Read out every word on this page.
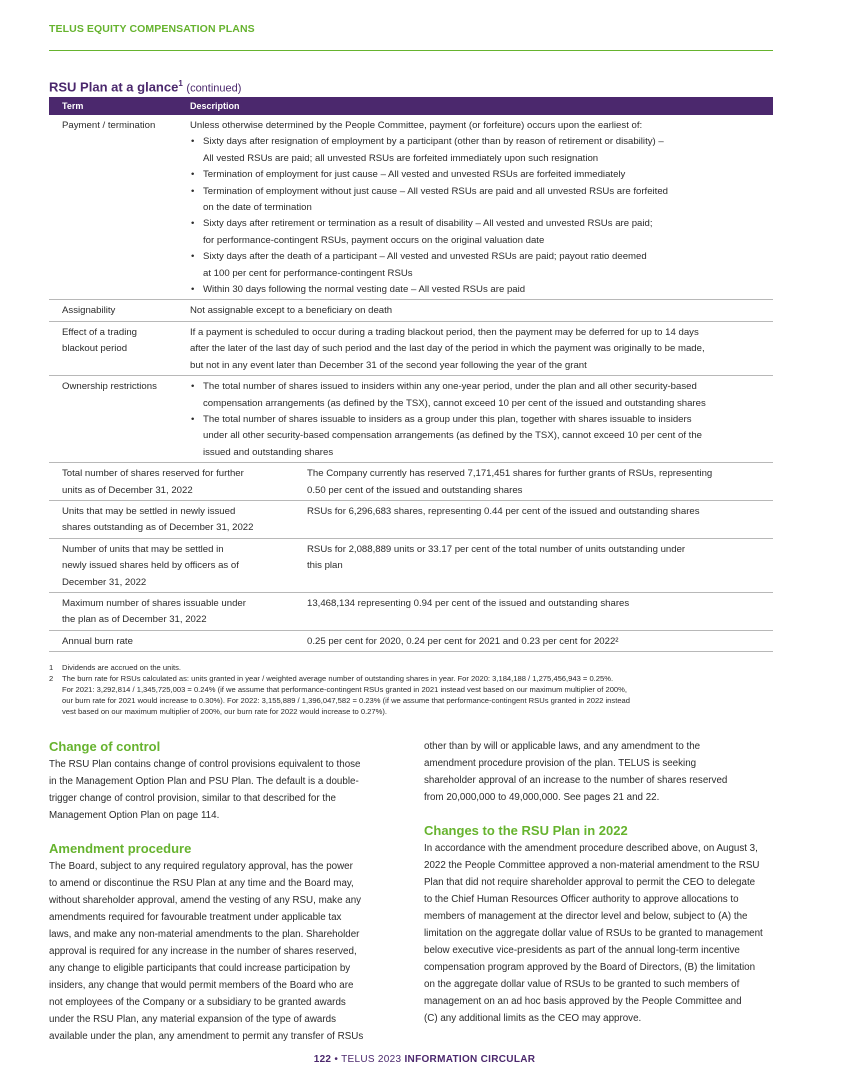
TELUS EQUITY COMPENSATION PLANS
RSU Plan at a glance$^1$ (continued)
Term	Description
Payment / termination	Unless otherwise determined by the People Committee, payment (or forfeiture) occurs upon the earliest of:
• Sixty days after resignation of employment by a participant (other than by reason of retirement or disability) –
All vested RSUs are paid; all unvested RSUs are forfeited immediately upon such resignation
• Termination of employment for just cause – All vested and unvested RSUs are forfeited immediately
• Termination of employment without just cause – All vested RSUs are paid and all unvested RSUs are forfeited
on the date of termination
• Sixty days after retirement or termination as a result of disability – All vested and unvested RSUs are paid;
for performance-contingent RSUs, payment occurs on the original valuation date
• Sixty days after the death of a participant – All vested and unvested RSUs are paid; payout ratio deemed
at 100 per cent for performance-contingent RSUs
• Within 30 days following the normal vesting date – All vested RSUs are paid
Assignability	Not assignable except to a beneficiary on death
Effect of a trading
blackout period
If a payment is scheduled to occur during a trading blackout period, then the payment may be deferred for up to 14 days
after the later of the last day of such period and the last day of the period in which the payment was originally to be made,
but not in any event later than December 31 of the second year following the year of the grant
Ownership restrictions
•	The total number of shares issued to insiders within any one-year period, under the plan and all other security-based
compensation arrangements (as defined by the TSX), cannot exceed 10 per cent of the issued and outstanding shares
• The total number of shares issuable to insiders as a group under this plan, together with shares issuable to insiders
under all other security-based compensation arrangements (as defined by the TSX), cannot exceed 10 per cent of the
issued and outstanding shares
Total number of shares reserved for further
units as of December 31, 2022
The Company currently has reserved 7,171,451 shares for further grants of RSUs, representing
0.50 per cent of the issued and outstanding shares
Units that may be settled in newly issued
shares outstanding as of December 31, 2022
RSUs for 6,296,683 shares, representing 0.44 per cent of the issued and outstanding shares
Number of units that may be settled in
newly issued shares held by officers as of
December 31, 2022
RSUs for 2,088,889 units or 33.17 per cent of the total number of units outstanding under
this plan
Maximum number of shares issuable under
the plan as of December 31, 2022
13,468,134 representing 0.94 per cent of the issued and outstanding shares
Annual burn rate	0.25 per cent for 2020, 0.24 per cent for 2021 and 0.23 per cent for 2022²
1	Dividends are accrued on the units.
2	The burn rate for RSUs calculated as: units granted in year / weighted average number of outstanding shares in year. For 2020: 3,184,188 / 1,275,456,943 = 0.25%.
For 2021: 3,292,814 / 1,345,725,003 = 0.24% (if we assume that performance-contingent RSUs granted in 2021 instead vest based on our maximum multiplier of 200%,
our burn rate for 2021 would increase to 0.30%). For 2022: 3,155,889 / 1,396,047,582 = 0.23% (if we assume that performance-contingent RSUs granted in 2022 instead
vest based on our maximum multiplier of 200%, our burn rate for 2022 would increase to 0.27%).
Change of control

The RSU Plan contains change of control provisions equivalent to those
in the Management Option Plan and PSU Plan. The default is a double-
trigger change of control provision, similar to that described for the
Management Option Plan on page 114.

Amendment procedure

The Board, subject to any required regulatory approval, has the power
to amend or discontinue the RSU Plan at any time and the Board may,
without shareholder approval, amend the vesting of any RSU, make any
amendments required for favourable treatment under applicable tax
laws, and make any non-material amendments to the plan. Shareholder
approval is required for any increase in the number of shares reserved,
any change to eligible participants that could increase participation by
insiders, any change that would permit members of the Board who are
not employees of the Company or a subsidiary to be granted awards
under the RSU Plan, any material expansion of the type of awards
available under the plan, any amendment to permit any transfer of RSUs

other than by will or applicable laws, and any amendment to the
amendment procedure provision of the plan. TELUS is seeking
shareholder approval of an increase to the number of shares reserved
from 20,000,000 to 49,000,000. See pages 21 and 22.

Changes to the RSU Plan in 2022

In accordance with the amendment procedure described above, on August 3,
2022 the People Committee approved a non-material amendment to the RSU
Plan that did not require shareholder approval to permit the CEO to delegate
to the Chief Human Resources Officer authority to approve allocations to
members of management at the director level and below, subject to (A) the
limitation on the aggregate dollar value of RSUs to be granted to management
below executive vice-presidents as part of the annual long-term incentive
compensation program approved by the Board of Directors, (B) the limitation
on the aggregate dollar value of RSUs to be granted to such members of
management on an ad hoc basis approved by the People Committee and
(C) any additional limits as the CEO may approve.

122 • TELUS 2023 INFORMATION CIRCULAR
